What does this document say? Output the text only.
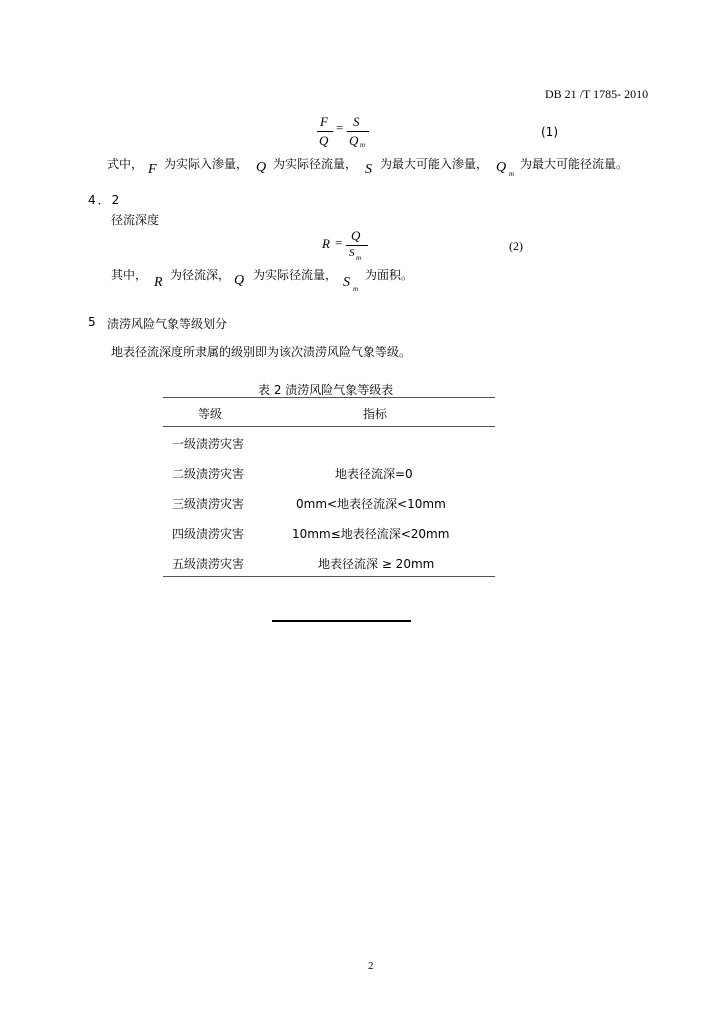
DB 21 /T 1785- 2010
F
Q
= S
Q m
(1)
式中， F 为实际入渗量， Q 为实际径流量， S 为最大可能入渗量， Q m
为最大可能径流量。
4．2
径流深度
R = Q
S m
(2)
其中， R 为径流深， Q 为实际径流量， S m
为面积。
5 渍涝风险气象等级划分
地表径流深度所隶属的级别即为该次渍涝风险气象等级。
表 2 渍涝风险气象等级表
等级	指标
一级渍涝灾害
二级渍涝灾害	地表径流深=0
三级渍涝灾害	0mm<地表径流深<10mm
四级渍涝灾害	10mm≤地表径流深<20mm
五级渍涝灾害	地表径流深 ≥ 20mm
2
